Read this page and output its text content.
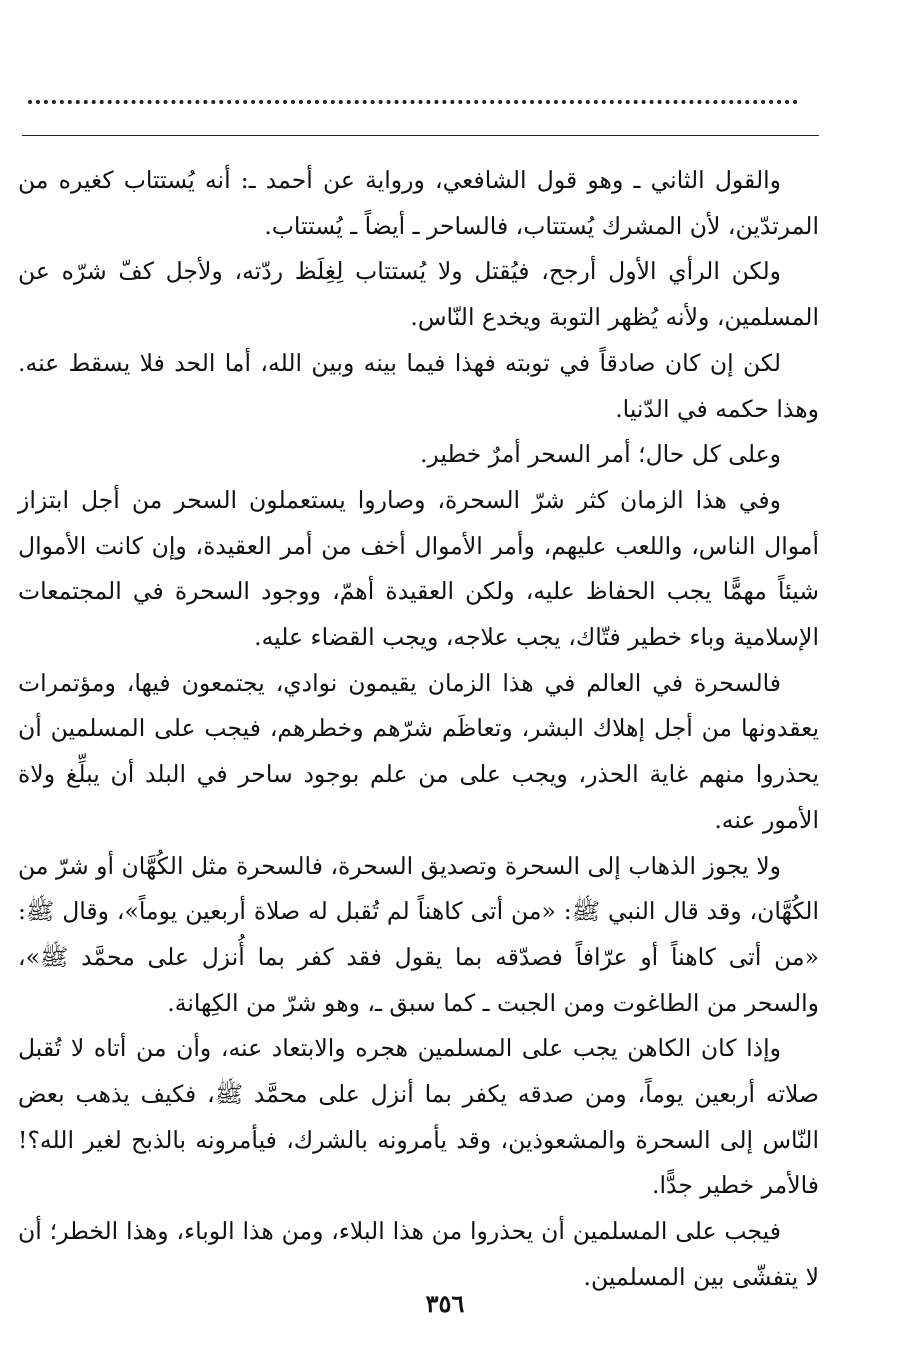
والقول الثاني ـ وهو قول الشافعي، ورواية عن أحمد ـ: أنه يُستتاب كغيره من المرتدّين، لأن المشرك يُستتاب، فالساحر ـ أيضاً ـ يُستتاب.

ولكن الرأي الأول أرجح، فيُقتل ولا يُستتاب لِغِلَظ ردّته، ولأجل كفّ شرّه عن المسلمين، ولأنه يُظهر التوبة ويخدع النّاس.

لكن إن كان صادقاً في توبته فهذا فيما بينه وبين الله، أما الحد فلا يسقط عنه. وهذا حكمه في الدّنيا.

وعلى كل حال؛ أمر السحر أمرٌ خطير.

وفي هذا الزمان كثر شرّ السحرة، وصاروا يستعملون السحر من أجل ابتزاز أموال الناس، واللعب عليهم، وأمر الأموال أخف من أمر العقيدة، وإن كانت الأموال شيئاً مهمًّا يجب الحفاظ عليه، ولكن العقيدة أهمّ، ووجود السحرة في المجتمعات الإسلامية وباء خطير فتّاك، يجب علاجه، ويجب القضاء عليه.

فالسحرة في العالم في هذا الزمان يقيمون نوادي، يجتمعون فيها، ومؤتمرات يعقدونها من أجل إهلاك البشر، وتعاظَم شرّهم وخطرهم، فيجب على المسلمين أن يحذروا منهم غاية الحذر، ويجب على من علم بوجود ساحر في البلد أن يبلِّغ ولاة الأمور عنه.

ولا يجوز الذهاب إلى السحرة وتصديق السحرة، فالسحرة مثل الكُهَّان أو شرّ من الكُهَّان، وقد قال النبي ﷺ: «من أتى كاهناً لم تُقبل له صلاة أربعين يوماً»، وقال ﷺ: «من أتى كاهناً أو عرّافاً فصدّقه بما يقول فقد كفر بما أُنزل على محمَّد ﷺ»، والسحر من الطاغوت ومن الجبت ـ كما سبق ـ، وهو شرّ من الكِهانة.

وإذا كان الكاهن يجب على المسلمين هجره والابتعاد عنه، وأن من أتاه لا تُقبل صلاته أربعين يوماً، ومن صدقه يكفر بما أنزل على محمَّد ﷺ، فكيف يذهب بعض النّاس إلى السحرة والمشعوذين، وقد يأمرونه بالشرك، فيأمرونه بالذبح لغير الله؟! فالأمر خطير جدًّا.

فيجب على المسلمين أن يحذروا من هذا البلاء، ومن هذا الوباء، وهذا الخطر؛ أن لا يتفشّى بين المسلمين.

٣٥٦
